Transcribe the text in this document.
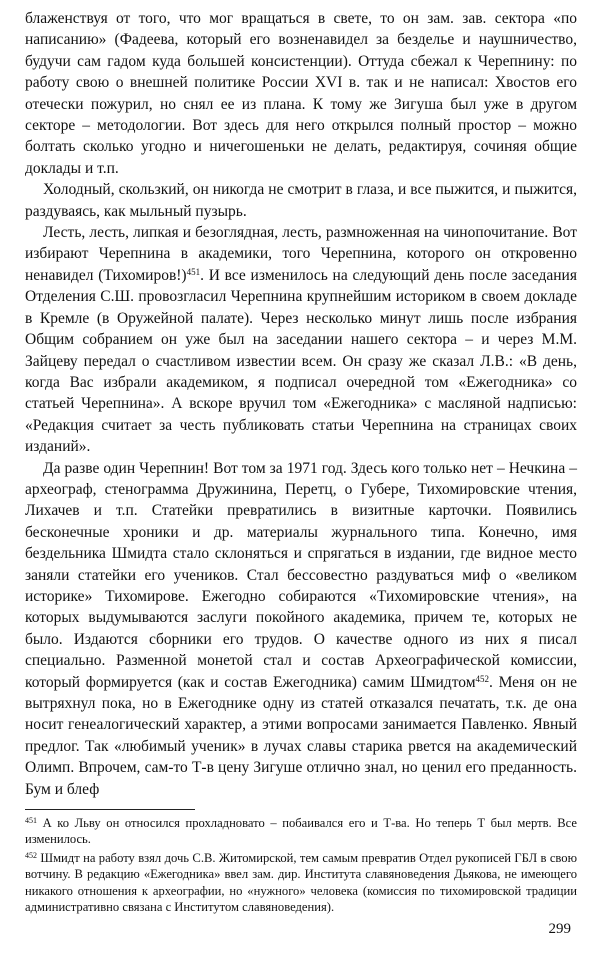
блаженствуя от того, что мог вращаться в свете, то он зам. зав. сектора «по написанию» (Фадеева, который его возненавидел за безделье и наушничество, будучи сам гадом куда большей консистенции). Оттуда сбежал к Черепнину: по работу свою о внешней политике России XVI в. так и не написал: Хвостов его отечески пожурил, но снял ее из плана. К тому же Зигуша был уже в другом секторе – методологии. Вот здесь для него открылся полный простор – можно болтать сколько угодно и ничегошеньки не делать, редактируя, сочиняя общие доклады и т.п.

Холодный, скользкий, он никогда не смотрит в глаза, и все пыжится, и пыжится, раздуваясь, как мыльный пузырь.

Лесть, лесть, липкая и безоглядная, лесть, размноженная на чинопочитание. Вот избирают Черепнина в академики, того Черепнина, которого он откровенно ненавидел (Тихомиров!)$^{451}$. И все изменилось на следующий день после заседания Отделения С.Ш. провозгласил Черепнина крупнейшим историком в своем докладе в Кремле (в Оружейной палате). Через несколько минут лишь после избрания Общим собранием он уже был на заседании нашего сектора – и через М.М. Зайцеву передал о счастливом известии всем. Он сразу же сказал Л.В.: «В день, когда Вас избрали академиком, я подписал очередной том «Ежегодника» со статьей Черепнина». А вскоре вручил том «Ежегодника» с масляной надписью: «Редакция считает за честь публиковать статьи Черепнина на страницах своих изданий».

Да разве один Черепнин! Вот том за 1971 год. Здесь кого только нет – Нечкина – археограф, стенограмма Дружинина, Перетц, о Губере, Тихомировские чтения, Лихачев и т.п. Статейки превратились в визитные карточки. Появились бесконечные хроники и др. материалы журнального типа. Конечно, имя бездельника Шмидта стало склоняться и спрягаться в издании, где видное место заняли статейки его учеников. Стал бессовестно раздуваться миф о «великом историке» Тихомирове. Ежегодно собираются «Тихомировские чтения», на которых выдумываются заслуги покойного академика, причем те, которых не было. Издаются сборники его трудов. О качестве одного из них я писал специально. Разменной монетой стал и состав Археографической комиссии, который формируется (как и состав Ежегодника) самим Шмидтом$^{452}$. Меня он не вытряхнул пока, но в Ежегоднике одну из статей отказался печатать, т.к. де она носит генеалогический характер, а этими вопросами занимается Павленко. Явный предлог. Так «любимый ученик» в лучах славы старика рвется на академический Олимп. Впрочем, сам-то Т-в цену Зигуше отлично знал, но ценил его преданность. Бум и блеф

$^{451}$ А ко Льву он относился прохладновато – побаивался его и Т-ва. Но теперь Т был мертв. Все изменилось.

$^{452}$ Шмидт на работу взял дочь С.В. Житомирской, тем самым превратив Отдел рукописей ГБЛ в свою вотчину. В редакцию «Ежегодника» ввел зам. дир. Института славяноведения Дьякова, не имеющего никакого отношения к археографии, но «нужного» человека (комиссия по тихомировской традиции административно связана с Институтом славяноведения).

299
